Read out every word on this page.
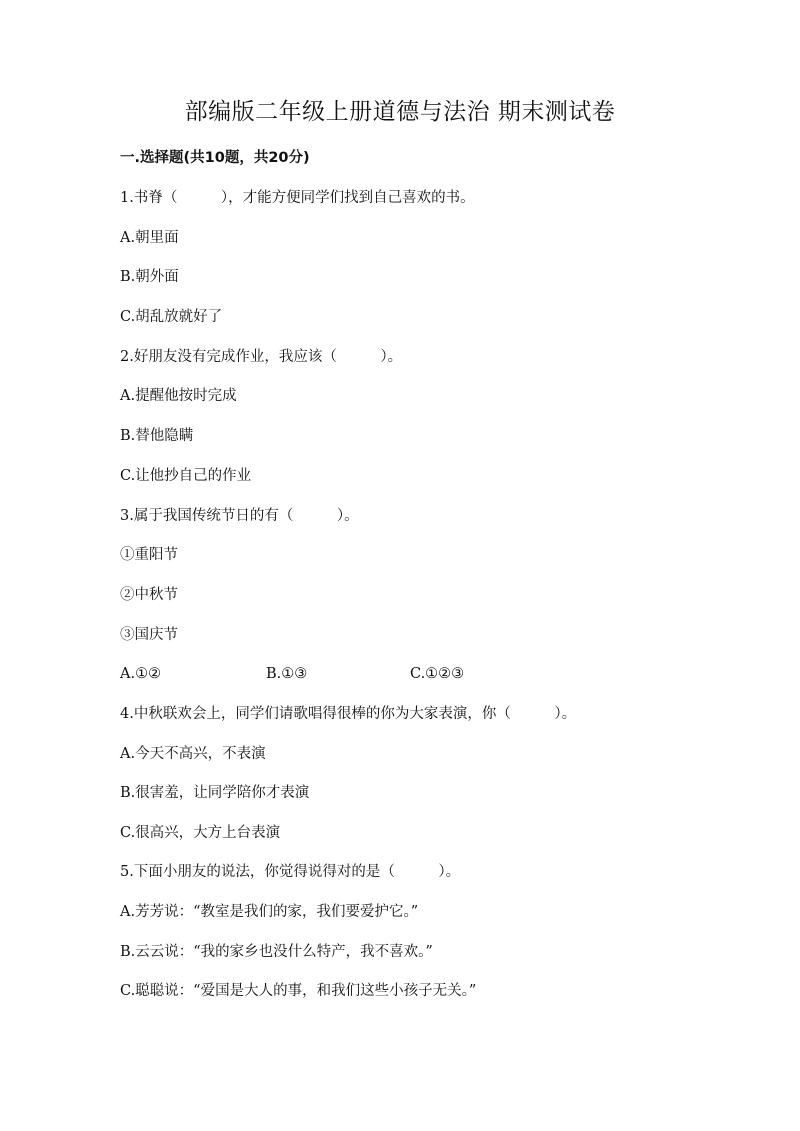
部编版二年级上册道德与法治 期末测试卷
一.选择题(共10题，共20分)
1.书脊（　　　），才能方便同学们找到自己喜欢的书。
A.朝里面
B.朝外面
C.胡乱放就好了
2.好朋友没有完成作业，我应该（　　　）。
A.提醒他按时完成
B.替他隐瞒
C.让他抄自己的作业
3.属于我国传统节日的有（　　　）。
①重阳节
②中秋节
③国庆节
A.①②	B.①③	C.①②③
4.中秋联欢会上，同学们请歌唱得很棒的你为大家表演，你（　　　）。
A.今天不高兴，不表演
B.很害羞，让同学陪你才表演
C.很高兴，大方上台表演
5.下面小朋友的说法，你觉得说得对的是（　　　）。
A.芳芳说：“教室是我们的家，我们要爱护它。”
B.云云说：“我的家乡也没什么特产，我不喜欢。”
C.聪聪说：“爱国是大人的事，和我们这些小孩子无关。”
